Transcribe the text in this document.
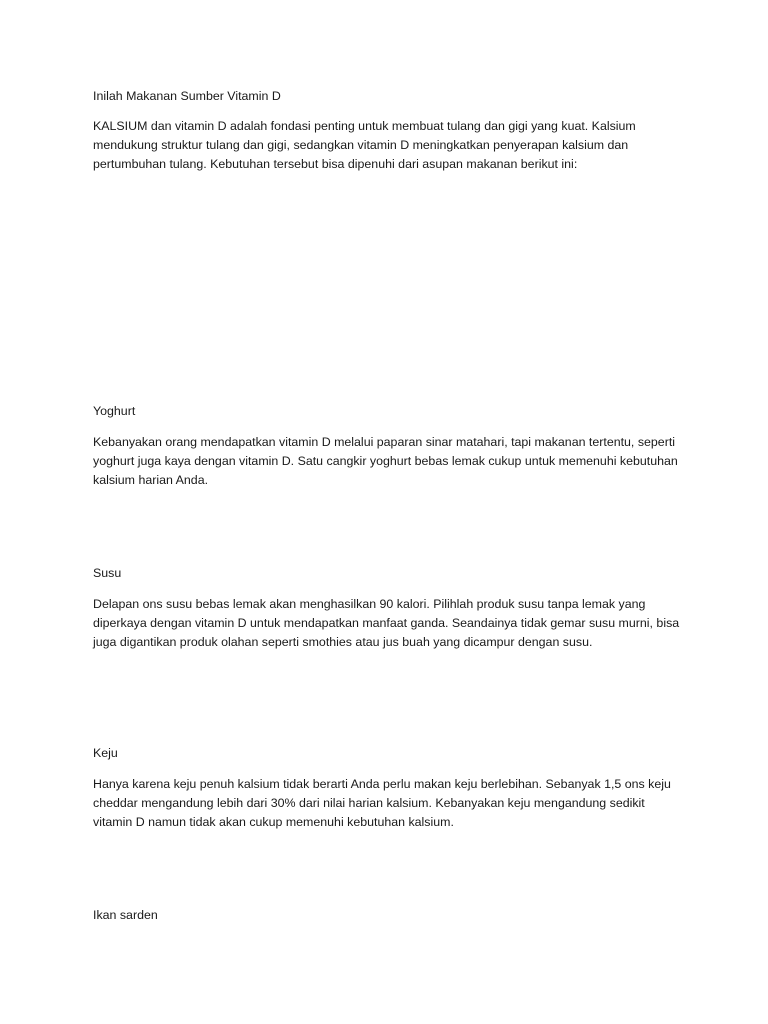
Inilah Makanan Sumber Vitamin D

KALSIUM dan vitamin D adalah fondasi penting untuk membuat tulang dan gigi yang kuat. Kalsium mendukung struktur tulang dan gigi, sedangkan vitamin D meningkatkan penyerapan kalsium dan pertumbuhan tulang. Kebutuhan tersebut bisa dipenuhi dari asupan makanan berikut ini:

Yoghurt

Kebanyakan orang mendapatkan vitamin D melalui paparan sinar matahari, tapi makanan tertentu, seperti yoghurt juga kaya dengan vitamin D. Satu cangkir yoghurt bebas lemak cukup untuk memenuhi kebutuhan kalsium harian Anda.

Susu

Delapan ons susu bebas lemak akan menghasilkan 90 kalori. Pilihlah produk susu tanpa lemak yang diperkaya dengan vitamin D untuk mendapatkan manfaat ganda. Seandainya tidak gemar susu murni, bisa juga digantikan produk olahan seperti smothies atau jus buah yang dicampur dengan susu.

Keju

Hanya karena keju penuh kalsium tidak berarti Anda perlu makan keju berlebihan. Sebanyak 1,5 ons keju cheddar mengandung lebih dari 30% dari nilai harian kalsium. Kebanyakan keju mengandung sedikit vitamin D namun tidak akan cukup memenuhi kebutuhan kalsium.

Ikan sarden
